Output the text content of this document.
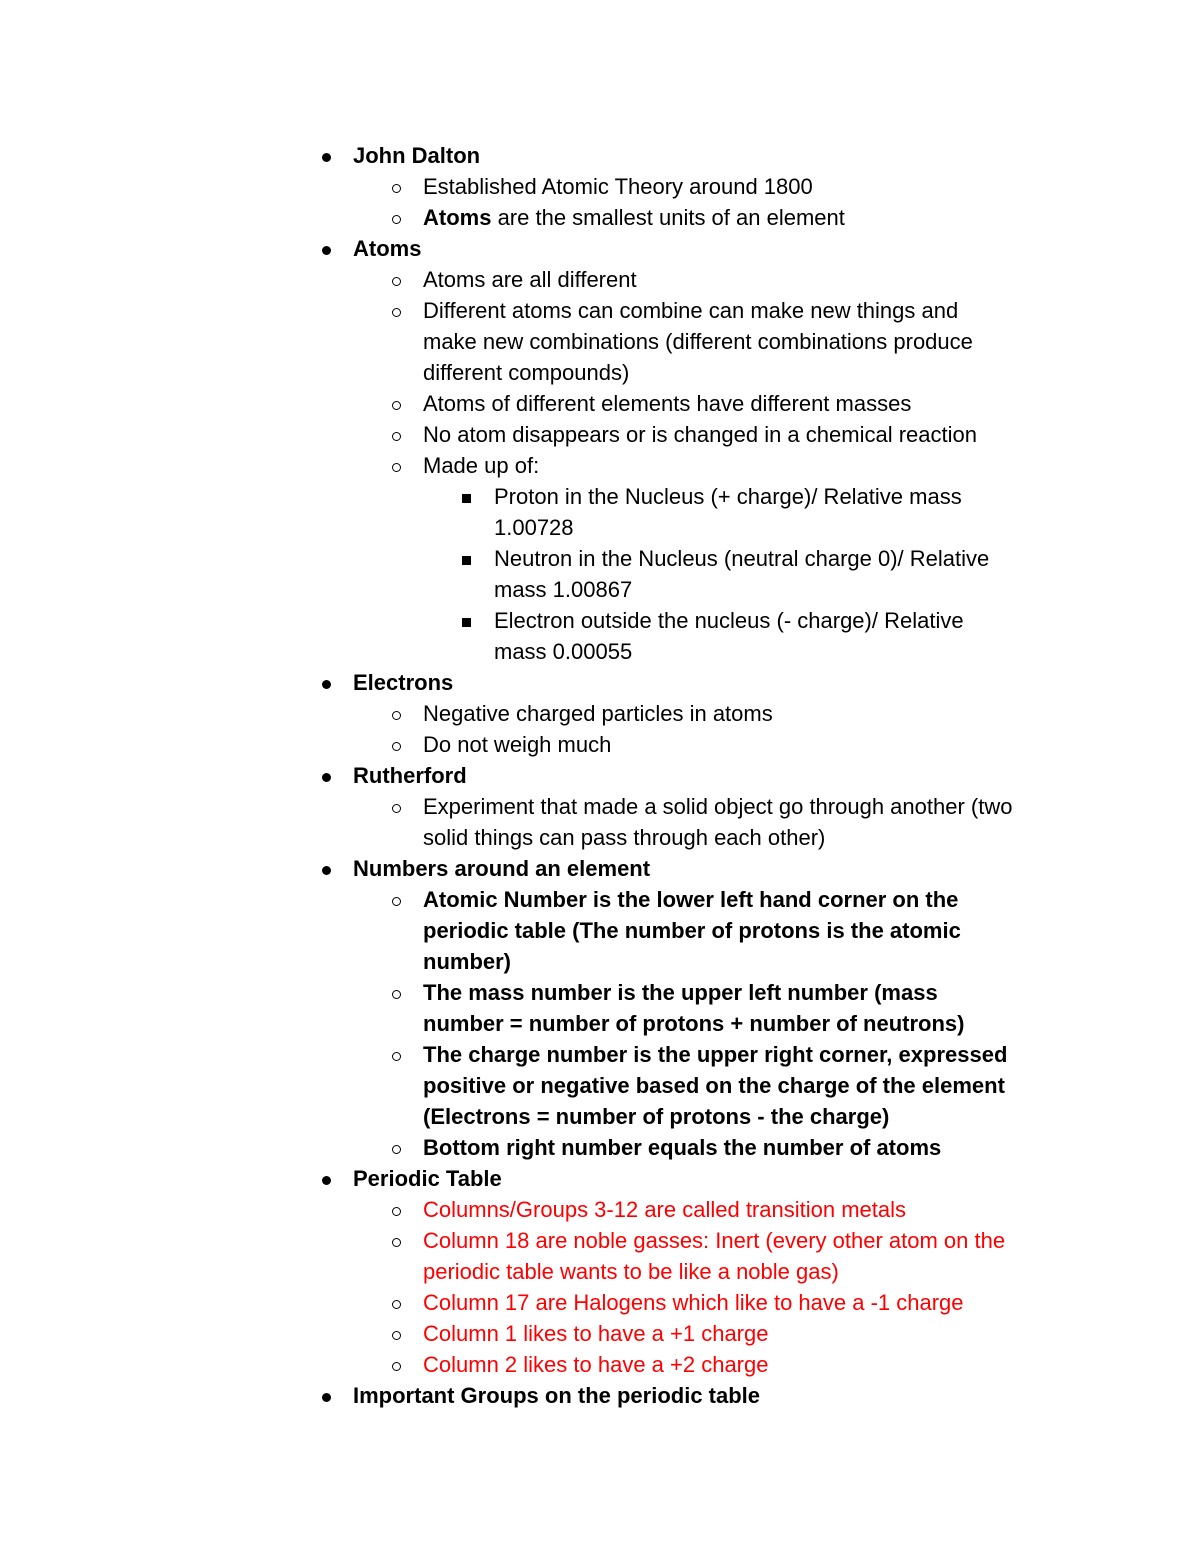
John Dalton
Established Atomic Theory around 1800
Atoms are the smallest units of an element
Atoms
Atoms are all different
Different atoms can combine can make new things and
make new combinations (different combinations produce
different compounds)
Atoms of different elements have different masses
No atom disappears or is changed in a chemical reaction
Made up of:
Proton in the Nucleus (+ charge)/ Relative mass
1.00728
Neutron in the Nucleus (neutral charge 0)/ Relative
mass 1.00867
Electron outside the nucleus (- charge)/ Relative
mass 0.00055
Electrons
Negative charged particles in atoms
Do not weigh much
Rutherford
Experiment that made a solid object go through another (two
solid things can pass through each other)
Numbers around an element
Atomic Number is the lower left hand corner on the
periodic table (The number of protons is the atomic
number)
The mass number is the upper left number (mass
number = number of protons + number of neutrons)
The charge number is the upper right corner, expressed
positive or negative based on the charge of the element
(Electrons = number of protons - the charge)
Bottom right number equals the number of atoms
Periodic Table
Columns/Groups 3-12 are called transition metals
Column 18 are noble gasses: Inert (every other atom on the
periodic table wants to be like a noble gas)
Column 17 are Halogens which like to have a -1 charge
Column 1 likes to have a +1 charge
Column 2 likes to have a +2 charge
Important Groups on the periodic table
